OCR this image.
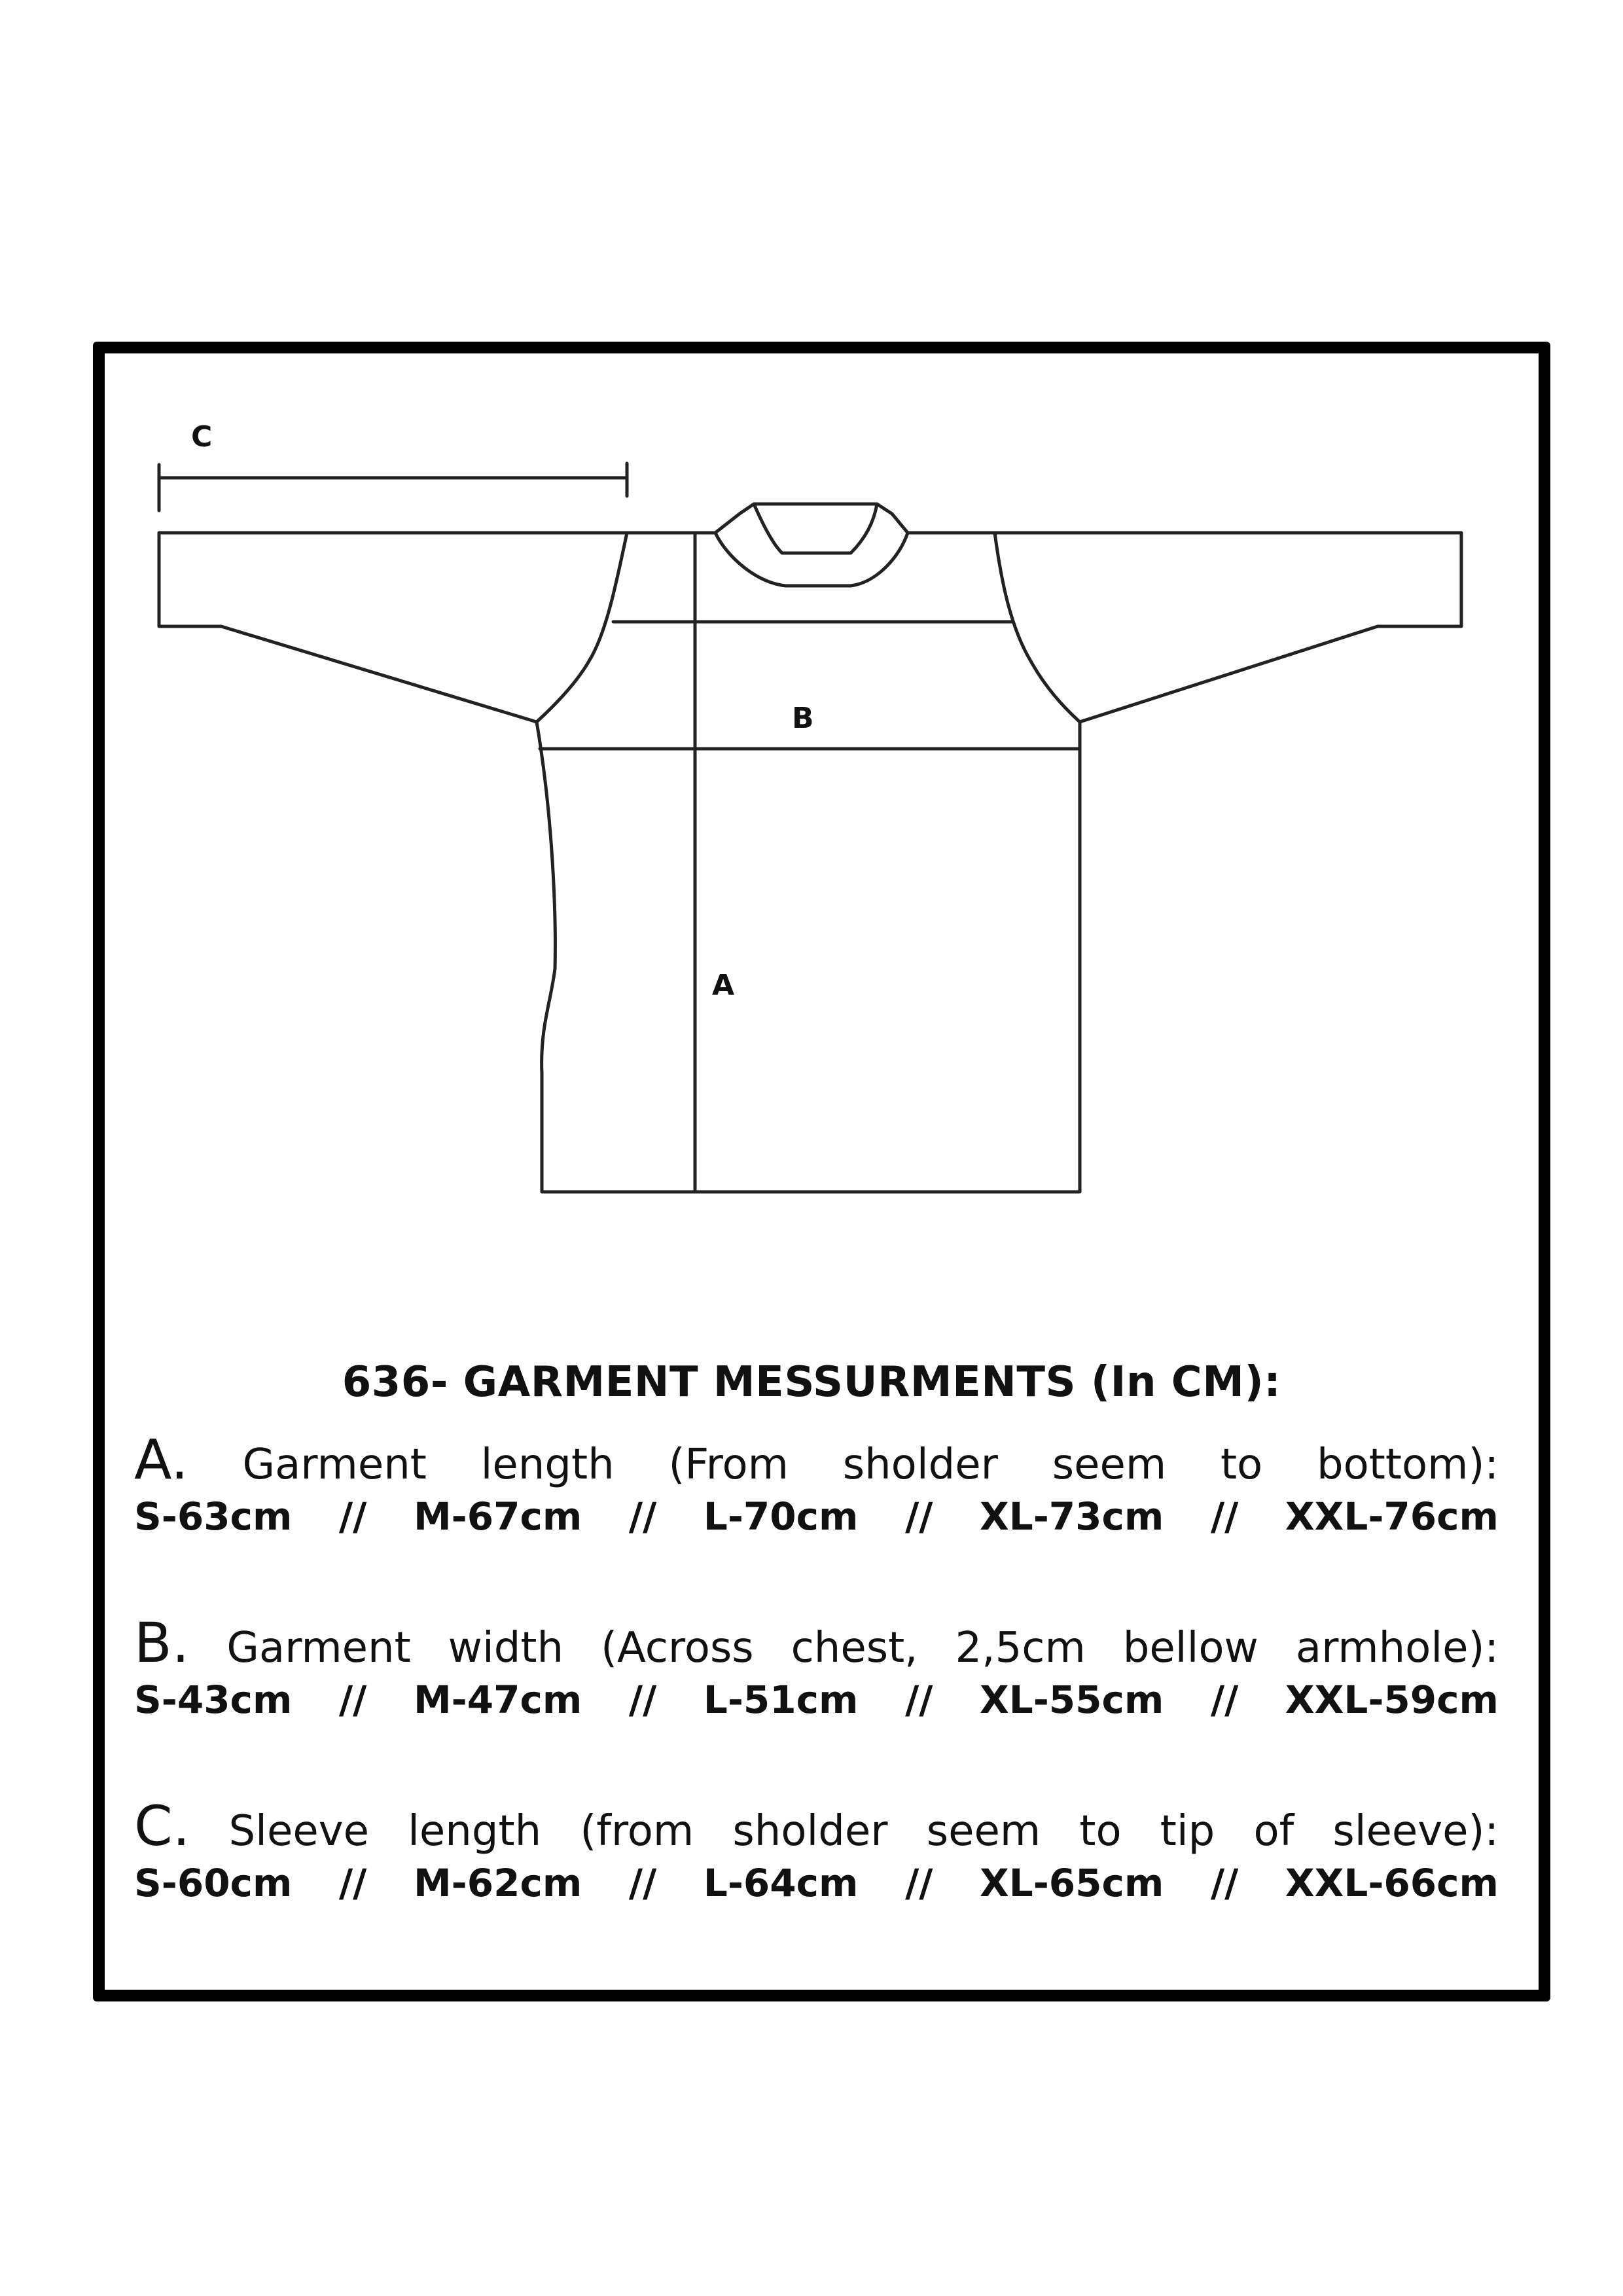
C
B
A
636- GARMENT MESSURMENTS (In CM):
A. Garment length (From sholder seem to bottom):
S-63cm // M-67cm // L-70cm // XL-73cm // XXL-76cm
B. Garment width (Across chest, 2,5cm bellow armhole):
S-43cm // M-47cm // L-51cm // XL-55cm // XXL-59cm
C. Sleeve length (from sholder seem to tip of sleeve):
S-60cm // M-62cm // L-64cm // XL-65cm // XXL-66cm
